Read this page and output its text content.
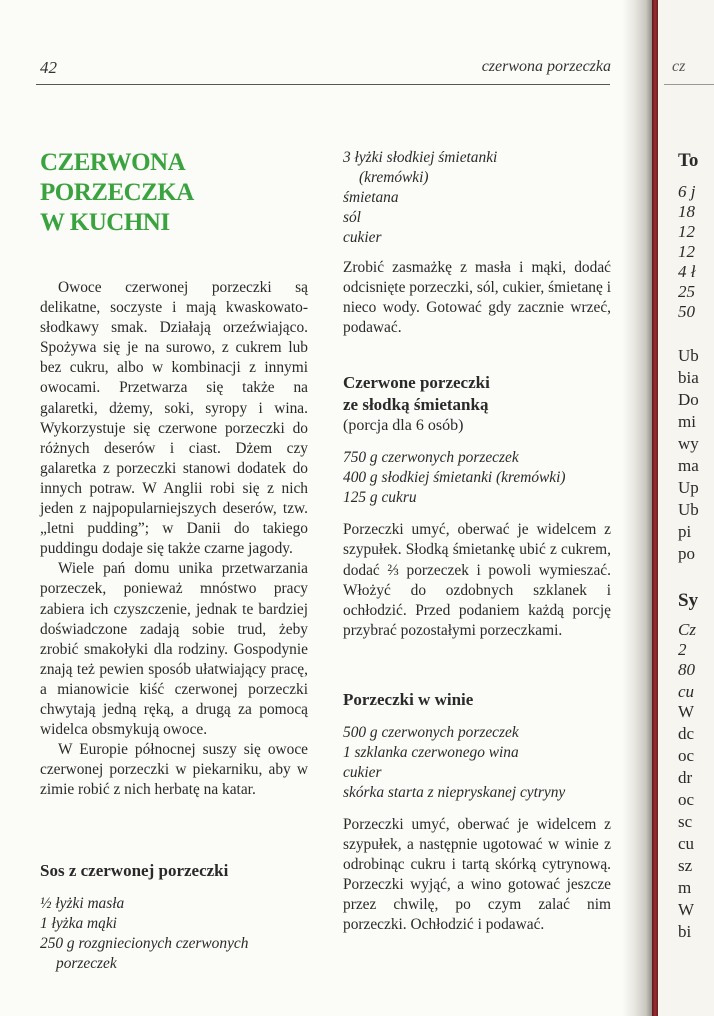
cz
To
6 j
18
12
12
4 ł
25
50
Ub
bia
Do
mi
wy
ma
Up
Ub
pi
po
Sy
Cz
2
80
cu
W
dc
oc
dr
oc
sc
cu
sz
m
W
bi
42	czerwona porzeczka
CZERWONA PORZECZKA
W KUCHNI

Owoce czerwonej porzeczki są delikatne, soczyste i mają kwaskowato-słodkawy smak. Działają orzeźwiająco. Spożywa się je na surowo, z cukrem lub bez cukru, albo w kombinacji z innymi owocami. Przetwarza się także na galaretki, dżemy, soki, syropy i wina. Wykorzystuje się czerwone porzeczki do różnych deserów i ciast. Dżem czy galaretka z porzeczki stanowi dodatek do innych potraw. W Anglii robi się z nich jeden z najpopularniejszych deserów, tzw. „letni pudding”; w Danii do takiego puddingu dodaje się także czarne jagody.

Wiele pań domu unika przetwarzania porzeczek, ponieważ mnóstwo pracy zabiera ich czyszczenie, jednak te bardziej doświadczone zadają sobie trud, żeby zrobić smakołyki dla rodziny. Gospodynie znają też pewien sposób ułatwiający pracę, a mianowicie kiść czerwonej porzeczki chwytają jedną ręką, a drugą za pomocą widelca obsmykują owoce.

W Europie północnej suszy się owoce czerwonej porzeczki w piekarniku, aby w zimie robić z nich herbatę na katar.

Sos z czerwonej porzeczki
½ łyżki masła
1 łyżka mąki
250 g rozgniecionych czerwonych
porzeczek
3 łyżki słodkiej śmietanki
(kremówki)
śmietana
sól
cukier

Zrobić zasmażkę z masła i mąki, dodać odcisnięte porzeczki, sól, cukier, śmietanę i nieco wody. Gotować gdy zacznie wrzeć, podawać.

Czerwone porzeczki
ze słodką śmietanką
(porcja dla 6 osób)
750 g czerwonych porzeczek
400 g słodkiej śmietanki (kremówki)
125 g cukru

Porzeczki umyć, oberwać je widelcem z szypułek. Słodką śmietankę ubić z cukrem, dodać ⅔ porzeczek i powoli wymieszać. Włożyć do ozdobnych szklanek i ochłodzić. Przed podaniem każdą porcję przybrać pozostałymi porzeczkami.

Porzeczki w winie
500 g czerwonych porzeczek
1 szklanka czerwonego wina
cukier
skórka starta z niepryskanej cytryny

Porzeczki umyć, oberwać je widelcem z szypułek, a następnie ugotować w winie z odrobinąc cukru i tartą skórką cytrynową. Porzeczki wyjąć, a wino gotować jeszcze przez chwilę, po czym zalać nim porzeczki. Ochłodzić i podawać.
